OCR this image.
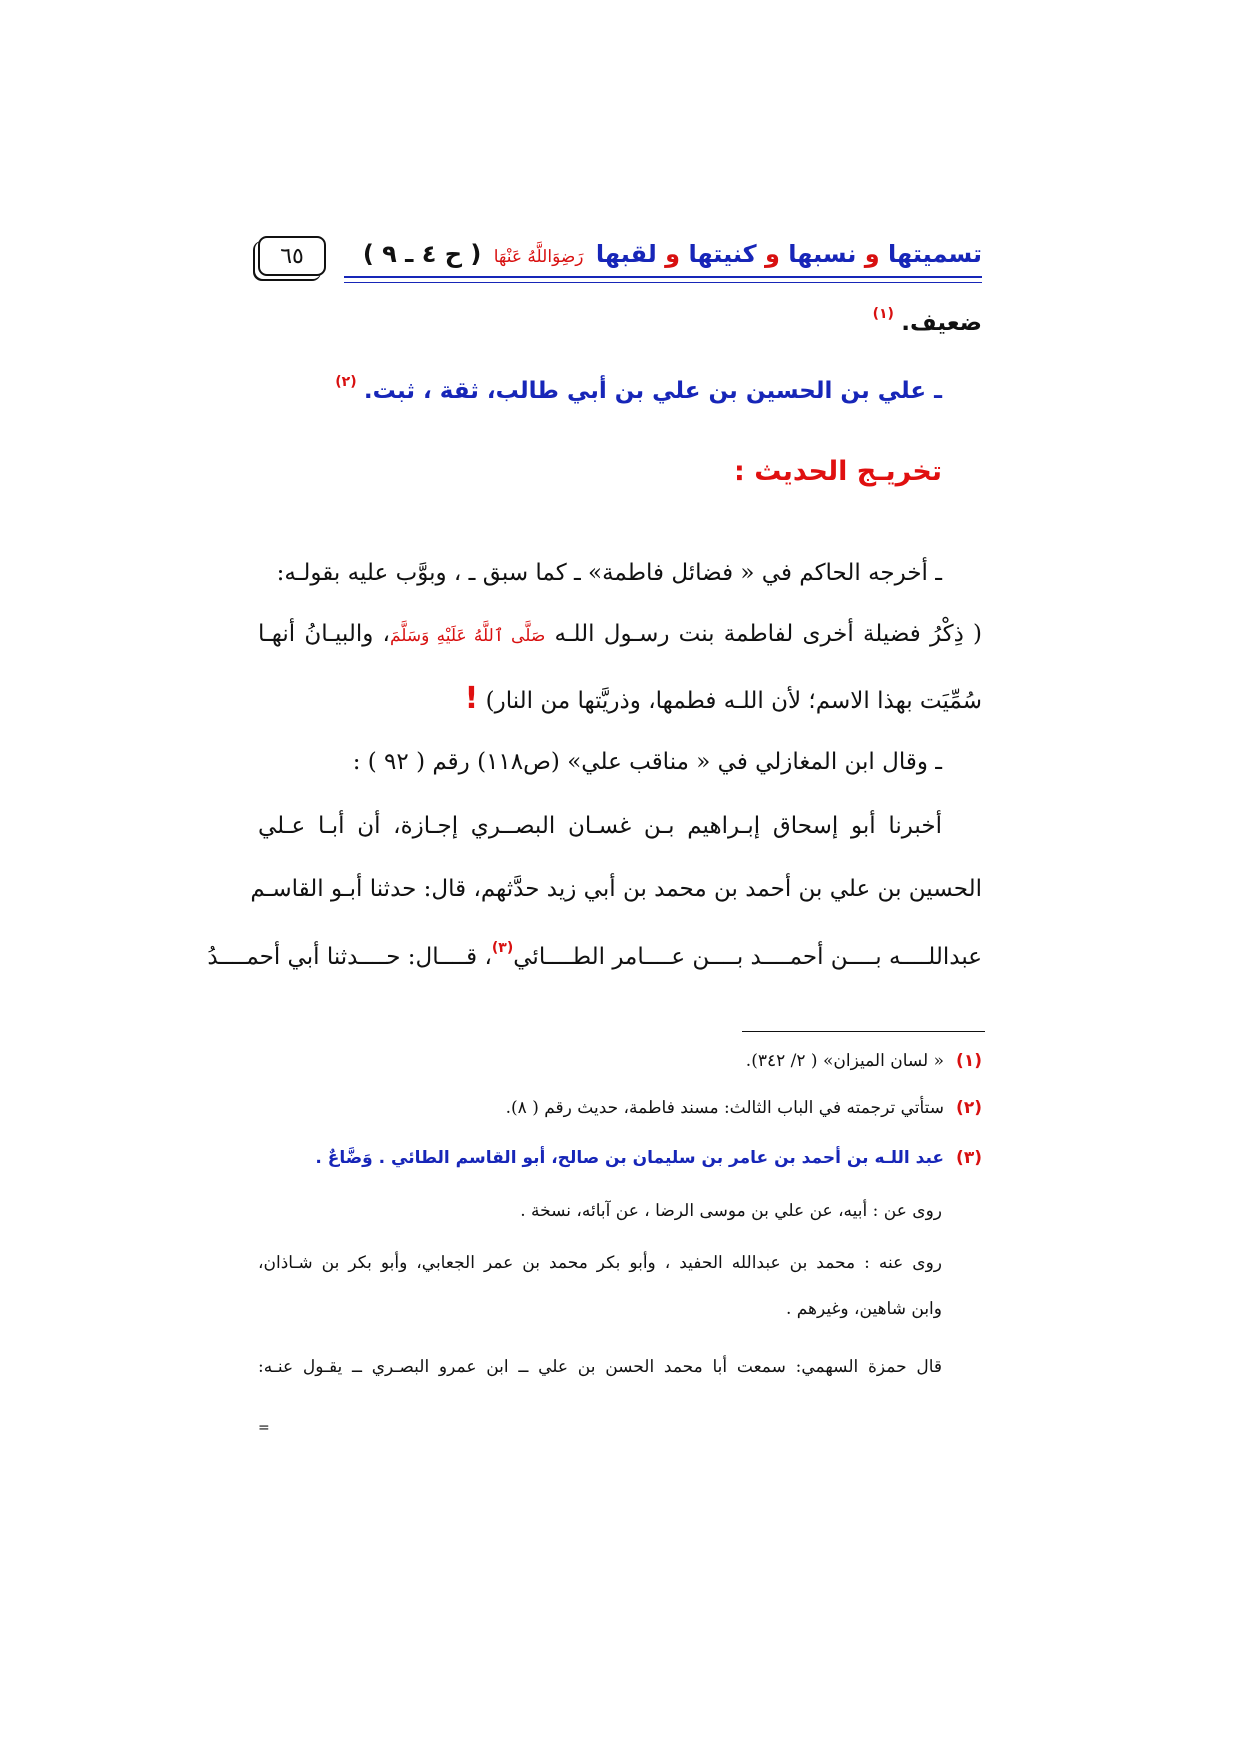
تسميتها و نسبها و كنيتها و لقبها رَضِوَاللَّهُ عَنْهَا ( ح ٤ ـ ٩ )
٦٥
ضعيف. $^{(١)}$
ـ علي بن الحسين بن علي بن أبي طالب، ثقة ، ثبت. $^{(٢)}$
تخريـج الحديث :
ـ أخرجه الحاكم في « فضائل فاطمة» ـ كما سبق ـ ، وبوَّب عليه بقولـه:
( ذِكْرُ فضيلة أخرى لفاطمة بنت رسـول اللـه صَلَّى ٱللَّهُ عَلَيْهِ وَسَلَّمَ، والبيـانُ أنهـا
سُمِّيَت بهذا الاسم؛ لأن اللـه فطمها، وذريَّتها من النار) !
ـ وقال ابن المغازلي في « مناقب علي» (ص١١٨) رقم ( ٩٢ ) :
أخبرنا أبو إسحاق إبـراهيم بـن غسـان البصــري إجـازة، أن أبـا عـلي
الحسين بن علي بن أحمد بن محمد بن أبي زيد حدَّثهم، قال: حدثنا أبـو القاسـم
عبداللــــه بــــن أحمــــد بــــن عــــامر الطــــائي$^{(٣)}$، قــــال: حــــدثنا أبي أحمــــدُ
(١)« لسان الميزان» ( ٢/ ٣٤٢).
(٢)ستأتي ترجمته في الباب الثالث: مسند فاطمة، حديث رقم ( ٨).
(٣)عبد اللـه بن أحمد بن عامر بن سليمان بن صالح، أبو القاسم الطائي . وَضَّاعٌ .
روى عن : أبيه، عن علي بن موسى الرضا ، عن آبائه، نسخة .
روى عنه : محمد بن عبدالله الحفيد ، وأبو بكر محمد بن عمر الجعابي، وأبو بكر بن شـاذان،
وابن شاهين، وغيرهم .
قال حمزة السهمي: سمعت أبا محمد الحسن بن علي ــ ابن عمرو البصـري ــ يقـول عنـه:
=
